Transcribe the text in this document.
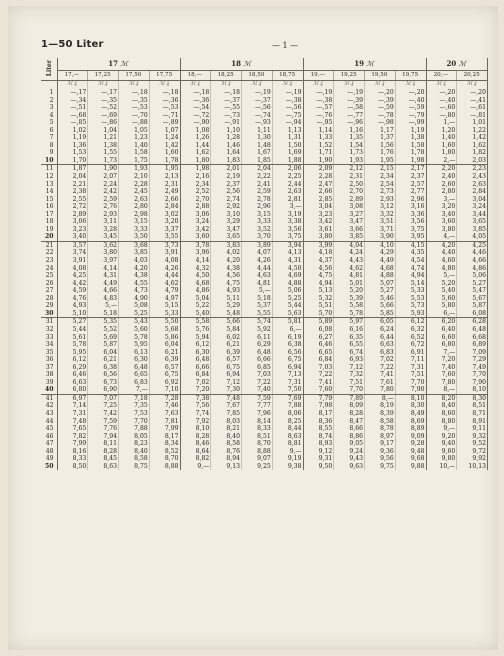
1—50 Liter	— 1 —
Liter	17 ℳ				18 ℳ				19 ℳ				20 ℳ	
	17,—	17,25	17,50	17,75	18,—	18,25	18,50	18,75	19,—	19,25	19,50	19,75	20,—	20,25
	ℳ ₰	ℳ ₰	ℳ ₰	ℳ ₰	ℳ ₰	ℳ ₰	ℳ ₰	ℳ ₰	ℳ ₰	ℳ ₰	ℳ ₰	ℳ ₰	ℳ ₰	ℳ ₰
1	—,17	—,17	—,18	—,18	—,18	—,18	—,19	—,19	—,19	—,19	—,20	—,20	—,20	—,20
2	—,34	—,35	—,35	—,36	—,36	—,37	—,37	—,38	—,38	—,39	—,39	—,40	—,40	—,41
3	—,51	—,52	—,53	—,53	—,54	—,55	—,56	—,56	—,57	—,58	—,59	—,59	—,60	—,61
4	—,68	—,69	—,70	—,71	—,72	—,73	—,74	—,75	—,76	—,77	—,78	—,79	—,80	—,81
5	—,85	—,86	—,88	—,89	—,90	—,91	—,93	—,94	—,95	—,96	—,98	—,99	1,—	1,01
6	1,02	1,04	1,05	1,07	1,08	1,10	1,11	1,13	1,14	1,16	1,17	1,19	1,20	1,22
7	1,19	1,21	1,23	1,24	1,26	1,28	1,30	1,31	1,33	1,35	1,37	1,38	1,40	1,42
8	1,36	1,38	1,40	1,42	1,44	1,46	1,48	1,50	1,52	1,54	1,56	1,58	1,60	1,62
9	1,53	1,55	1,58	1,60	1,62	1,64	1,67	1,69	1,71	1,73	1,76	1,78	1,80	1,82
10	1,70	1,73	1,75	1,78	1,80	1,83	1,85	1,88	1,90	1,93	1,95	1,98	2,—	2,03
11	1,87	1,90	1,93	1,95	1,98	2,01	2,04	2,06	2,09	2,12	2,15	2,17	2,20	2,23
12	2,04	2,07	2,10	2,13	2,16	2,19	2,22	2,25	2,28	2,31	2,34	2,37	2,40	2,43
13	2,21	2,24	2,28	2,31	2,34	2,37	2,41	2,44	2,47	2,50	2,54	2,57	2,60	2,63
14	2,38	2,42	2,45	2,49	2,52	2,56	2,59	2,63	2,66	2,70	2,73	2,77	2,80	2,84
15	2,55	2,59	2,63	2,66	2,70	2,74	2,78	2,81	2,85	2,89	2,93	2,96	3,—	3,04
16	2,72	2,76	2,80	2,84	2,88	2,92	2,96	3,—	3,04	3,08	3,12	3,16	3,20	3,24
17	2,89	2,93	2,98	3,02	3,06	3,10	3,15	3,19	3,23	3,27	3,32	3,36	3,40	3,44
18	3,06	3,11	3,15	3,20	3,24	3,29	3,33	3,38	3,42	3,47	3,51	3,56	3,60	3,65
19	3,23	3,28	3,33	3,37	3,42	3,47	3,52	3,56	3,61	3,66	3,71	3,75	3,80	3,85
20	3,40	3,45	3,50	3,55	3,60	3,65	3,70	3,75	3,80	3,85	3,90	3,95	4,—	4,05
21	3,57	3,62	3,68	3,73	3,78	3,83	3,89	3,94	3,99	4,04	4,10	4,15	4,20	4,25
22	3,74	3,80	3,85	3,91	3,96	4,02	4,07	4,13	4,18	4,24	4,29	4,35	4,40	4,46
23	3,91	3,97	4,03	4,08	4,14	4,20	4,26	4,31	4,37	4,43	4,49	4,54	4,60	4,66
24	4,08	4,14	4,20	4,26	4,32	4,38	4,44	4,50	4,56	4,62	4,68	4,74	4,80	4,86
25	4,25	4,31	4,38	4,44	4,50	4,56	4,63	4,69	4,75	4,81	4,88	4,94	5,—	5,06
26	4,42	4,49	4,55	4,62	4,68	4,75	4,81	4,88	4,94	5,01	5,07	5,14	5,20	5,27
27	4,59	4,66	4,73	4,79	4,86	4,93	5,—	5,06	5,13	5,20	5,27	5,33	5,40	5,47
28	4,76	4,83	4,90	4,97	5,04	5,11	5,18	5,25	5,32	5,39	5,46	5,53	5,60	5,67
29	4,93	5,—	5,08	5,15	5,22	5,29	5,37	5,44	5,51	5,58	5,66	5,73	5,80	5,87
30	5,10	5,18	5,25	5,33	5,40	5,48	5,55	5,63	5,70	5,78	5,85	5,93	6,—	6,08
31	5,27	5,35	5,43	5,50	5,58	5,66	5,74	5,81	5,89	5,97	6,05	6,12	6,20	6,28
32	5,44	5,52	5,60	5,68	5,76	5,84	5,92	6,—	6,08	6,16	6,24	6,32	6,40	6,48
33	5,61	5,69	5,78	5,86	5,94	6,02	6,11	6,19	6,27	6,35	6,44	6,52	6,60	6,68
34	5,78	5,87	5,95	6,04	6,12	6,21	6,29	6,38	6,46	6,55	6,63	6,72	6,80	6,89
35	5,95	6,04	6,13	6,21	6,30	6,39	6,48	6,56	6,65	6,74	6,83	6,91	7,—	7,09
36	6,12	6,21	6,30	6,39	6,48	6,57	6,66	6,75	6,84	6,93	7,02	7,11	7,20	7,29
37	6,29	6,38	6,48	6,57	6,66	6,75	6,85	6,94	7,03	7,12	7,22	7,31	7,40	7,49
38	6,46	6,56	6,65	6,75	6,84	6,94	7,03	7,13	7,22	7,32	7,41	7,51	7,60	7,70
39	6,63	6,73	6,83	6,92	7,02	7,12	7,22	7,31	7,41	7,51	7,61	7,70	7,80	7,90
40	6,80	6,90	7,—	7,10	7,20	7,30	7,40	7,50	7,60	7,70	7,80	7,90	8,—	8,10
41	6,97	7,07	7,18	7,28	7,38	7,48	7,59	7,69	7,79	7,89	8,—	8,10	8,20	8,30
42	7,14	7,25	7,35	7,46	7,56	7,67	7,77	7,88	7,98	8,09	8,19	8,30	8,40	8,51
43	7,31	7,42	7,53	7,63	7,74	7,85	7,96	8,06	8,17	8,28	8,39	8,49	8,60	8,71
44	7,48	7,59	7,70	7,81	7,92	8,03	8,14	8,25	8,36	8,47	8,58	8,69	8,80	8,91
45	7,65	7,76	7,88	7,99	8,10	8,21	8,33	8,44	8,55	8,66	8,78	8,89	9,—	9,11
46	7,82	7,94	8,05	8,17	8,28	8,40	8,51	8,63	8,74	8,86	8,97	9,09	9,20	9,32
47	7,99	8,11	8,23	8,34	8,46	8,58	8,70	8,81	8,93	9,05	9,17	9,28	9,40	9,52
48	8,16	8,28	8,40	8,52	8,64	8,76	8,88	9,—	9,12	9,24	9,36	9,48	9,60	9,72
49	8,33	8,45	8,58	8,70	8,82	8,94	9,07	9,19	9,31	9,43	9,56	9,68	9,80	9,92
50	8,50	8,63	8,75	8,88	9,—	9,13	9,25	9,38	9,50	9,63	9,75	9,88	10,—	10,13
